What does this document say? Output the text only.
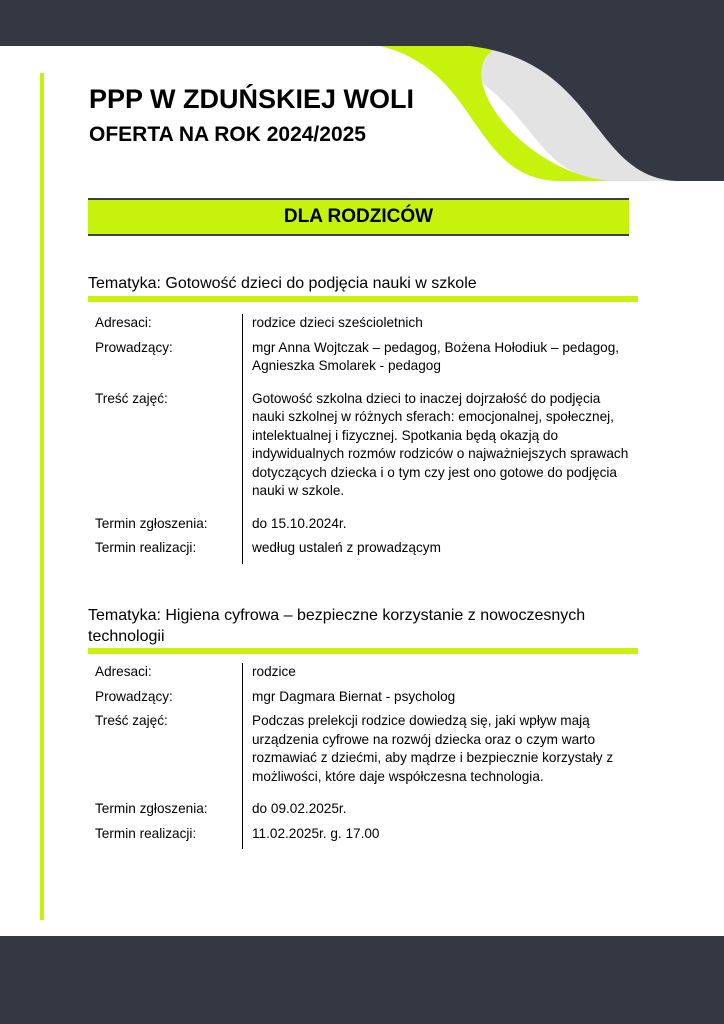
PPP W ZDUŃSKIEJ WOLI
OFERTA NA ROK 2024/2025
DLA RODZICÓW
Tematyka: Gotowość dzieci do podjęcia nauki w szkole
Adresaci:	rodzice dzieci sześcioletnich
Prowadzący:	mgr Anna Wojtczak – pedagog, Bożena Hołodiuk – pedagog, Agnieszka Smolarek - pedagog
Treść zajęć:	Gotowość szkolna dzieci to inaczej dojrzałość do podjęcia nauki szkolnej w różnych sferach: emocjonalnej, społecznej, intelektualnej i fizycznej. Spotkania będą okazją do indywidualnych rozmów rodziców o najważniejszych sprawach dotyczących dziecka i o tym czy jest ono gotowe do podjęcia nauki w szkole.
Termin zgłoszenia:	do 15.10.2024r.
Termin realizacji:	według ustaleń z prowadzącym
Tematyka: Higiena cyfrowa – bezpieczne korzystanie z nowoczesnych technologii
Adresaci:	rodzice
Prowadzący:	mgr Dagmara Biernat - psycholog
Treść zajęć:	Podczas prelekcji rodzice dowiedzą się, jaki wpływ mają urządzenia cyfrowe na rozwój dziecka oraz o czym warto rozmawiać z dziećmi, aby mądrze i bezpiecznie korzystały z możliwości, które daje współczesna technologia.
Termin zgłoszenia:	do 09.02.2025r.
Termin realizacji:	11.02.2025r. g. 17.00
